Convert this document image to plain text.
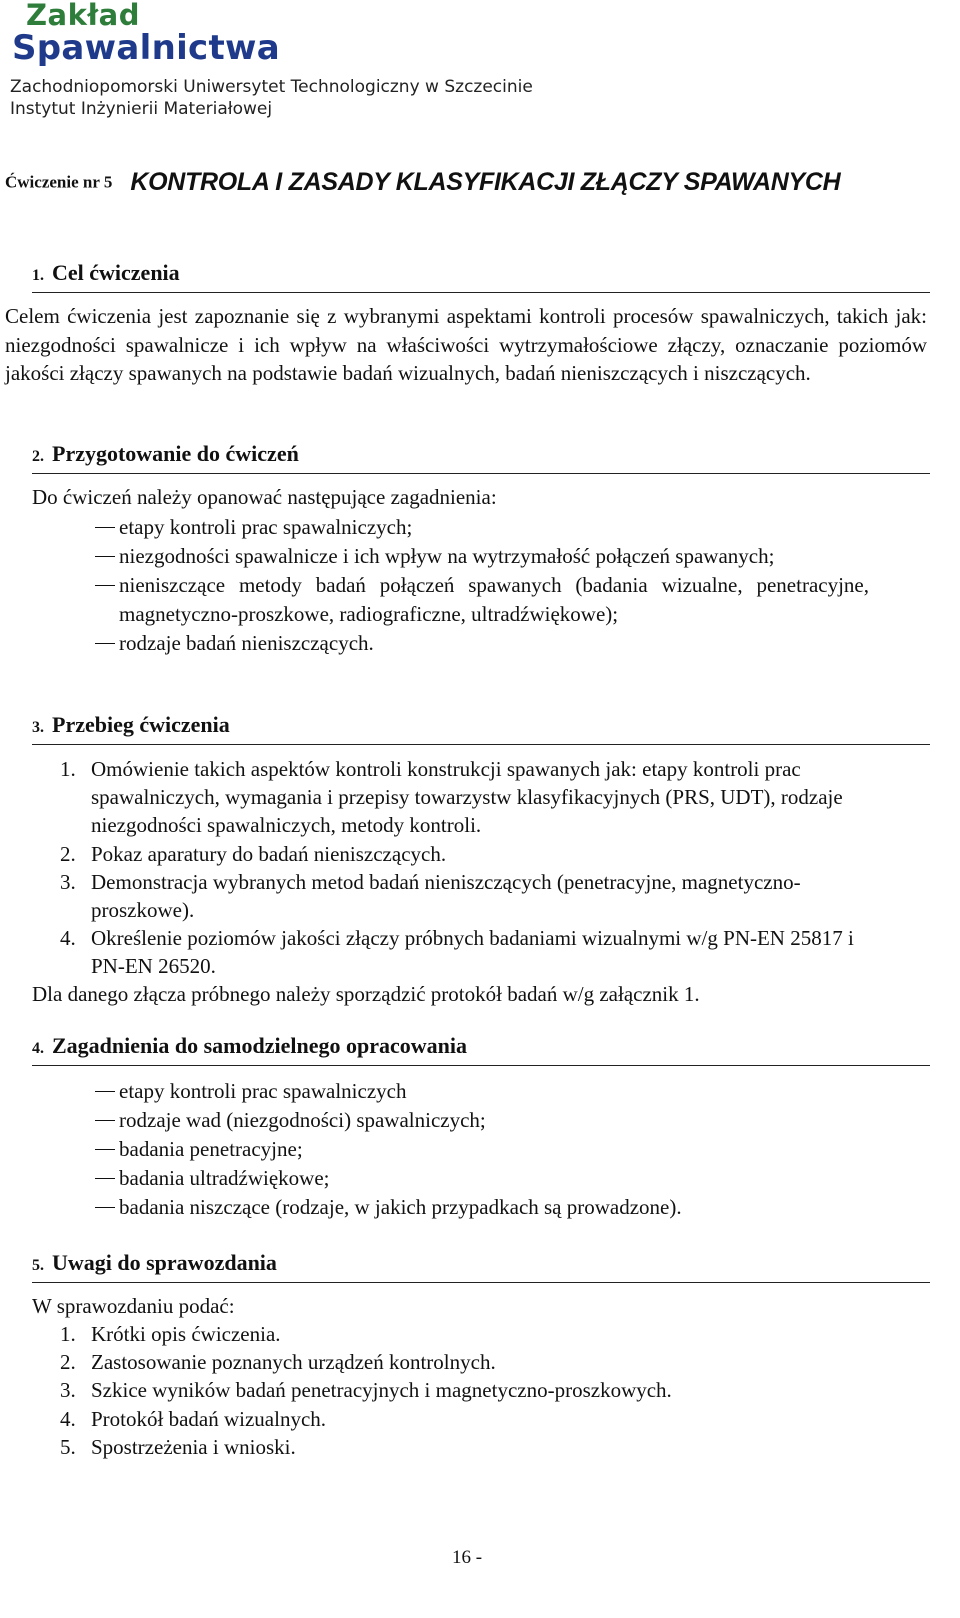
Zakład
Spawalnictwa
Zachodniopomorski Uniwersytet Technologiczny w Szczecinie
Instytut Inżynierii Materiałowej
Ćwiczenie nr 5 KONTROLA I ZASADY KLASYFIKACJI ZŁĄCZY SPAWANYCH
1. Cel ćwiczenia
Celem ćwiczenia jest zapoznanie się z wybranymi aspektami kontroli procesów spawalniczych, takich jak: niezgodności spawalnicze i ich wpływ na właściwości wytrzymałościowe złączy, oznaczanie poziomów jakości złączy spawanych na podstawie badań wizualnych, badań nieniszczących i niszczących.
2. Przygotowanie do ćwiczeń
Do ćwiczeń należy opanować następujące zagadnienia:
etapy kontroli prac spawalniczych;
niezgodności spawalnicze i ich wpływ na wytrzymałość połączeń spawanych;
nieniszczące metody badań połączeń spawanych (badania wizualne, penetracyjne, magnetyczno-proszkowe, radiograficzne, ultradźwiękowe);
rodzaje badań nieniszczących.
3. Przebieg ćwiczenia
1. Omówienie takich aspektów kontroli konstrukcji spawanych jak: etapy kontroli prac spawalniczych, wymagania i przepisy towarzystw klasyfikacyjnych (PRS, UDT), rodzaje niezgodności spawalniczych, metody kontroli.
2. Pokaz aparatury do badań nieniszczących.
3. Demonstracja wybranych metod badań nieniszczących (penetracyjne, magnetyczno-proszkowe).
4. Określenie poziomów jakości złączy próbnych badaniami wizualnymi w/g PN-EN 25817 i PN-EN 26520.
Dla danego złącza próbnego należy sporządzić protokół badań w/g załącznik 1.
4. Zagadnienia do samodzielnego opracowania
etapy kontroli prac spawalniczych
rodzaje wad (niezgodności) spawalniczych;
badania penetracyjne;
badania ultradźwiękowe;
badania niszczące (rodzaje, w jakich przypadkach są prowadzone).
5. Uwagi do sprawozdania
W sprawozdaniu podać:
1. Krótki opis ćwiczenia.
2. Zastosowanie poznanych urządzeń kontrolnych.
3. Szkice wyników badań penetracyjnych i magnetyczno-proszkowych.
4. Protokół badań wizualnych.
5. Spostrzeżenia i wnioski.
16 -
